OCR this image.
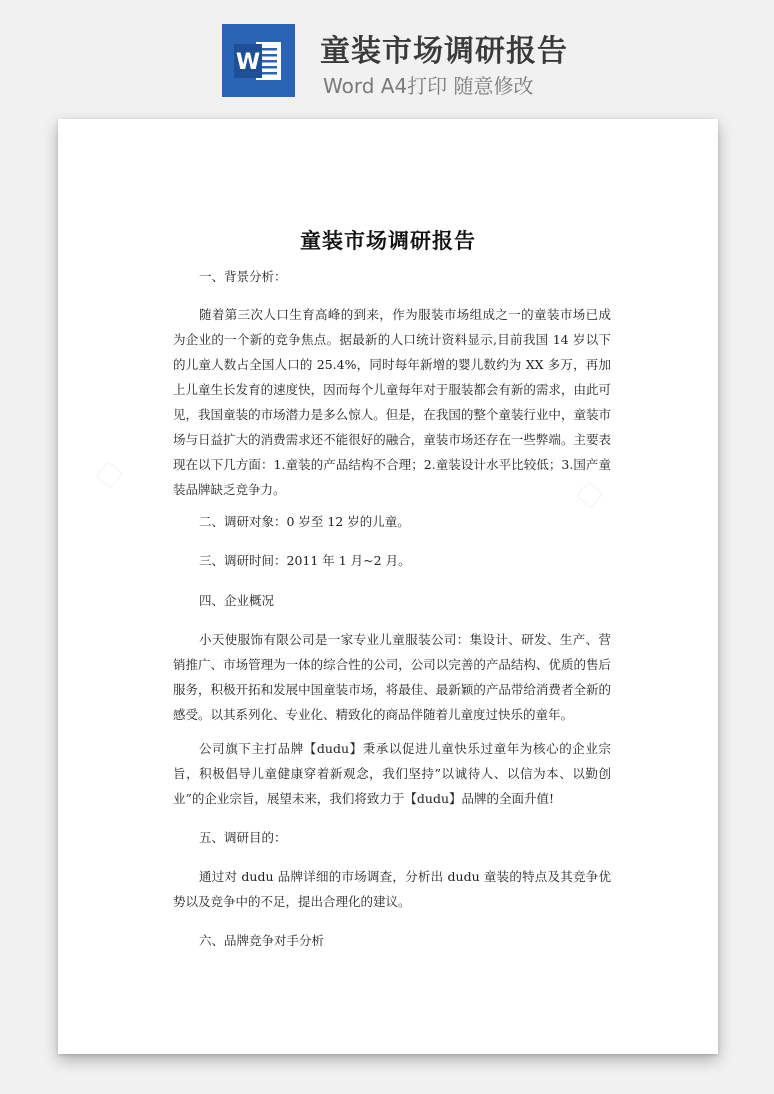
W 童装市场调研报告
Word A4打印 随意修改
童装市场调研报告

一、背景分析：

随着第三次人口生育高峰的到来，作为服装市场组成之一的童装市场已成为企业的一个新的竞争焦点。据最新的人口统计资料显示,目前我国 14 岁以下的儿童人数占全国人口的 25.4%，同时每年新增的婴儿数约为 XX 多万，再加上儿童生长发育的速度快，因而每个儿童每年对于服装都会有新的需求，由此可见，我国童装的市场潜力是多么惊人。但是，在我国的整个童装行业中，童装市场与日益扩大的消费需求还不能很好的融合，童装市场还存在一些弊端。主要表现在以下几方面：1.童装的产品结构不合理；2.童装设计水平比较低；3.国产童装品牌缺乏竞争力。

二、调研对象：0 岁至 12 岁的儿童。

三、调研时间：2011 年 1 月~2 月。

四、企业概况

小天使服饰有限公司是一家专业儿童服装公司：集设计、研发、生产、营销推广、市场管理为一体的综合性的公司，公司以完善的产品结构、优质的售后服务，积极开拓和发展中国童装市场，将最佳、最新颖的产品带给消费者全新的感受。以其系列化、专业化、精致化的商品伴随着儿童度过快乐的童年。

公司旗下主打品牌【dudu】秉承以促进儿童快乐过童年为核心的企业宗旨，积极倡导儿童健康穿着新观念，我们坚持”以诚待人、以信为本、以勤创业”的企业宗旨，展望未来，我们将致力于【dudu】品牌的全面升值!

五、调研目的：

通过对 dudu 品牌详细的市场调查，分析出 dudu 童装的特点及其竞争优势以及竞争中的不足，提出合理化的建议。

六、品牌竞争对手分析
